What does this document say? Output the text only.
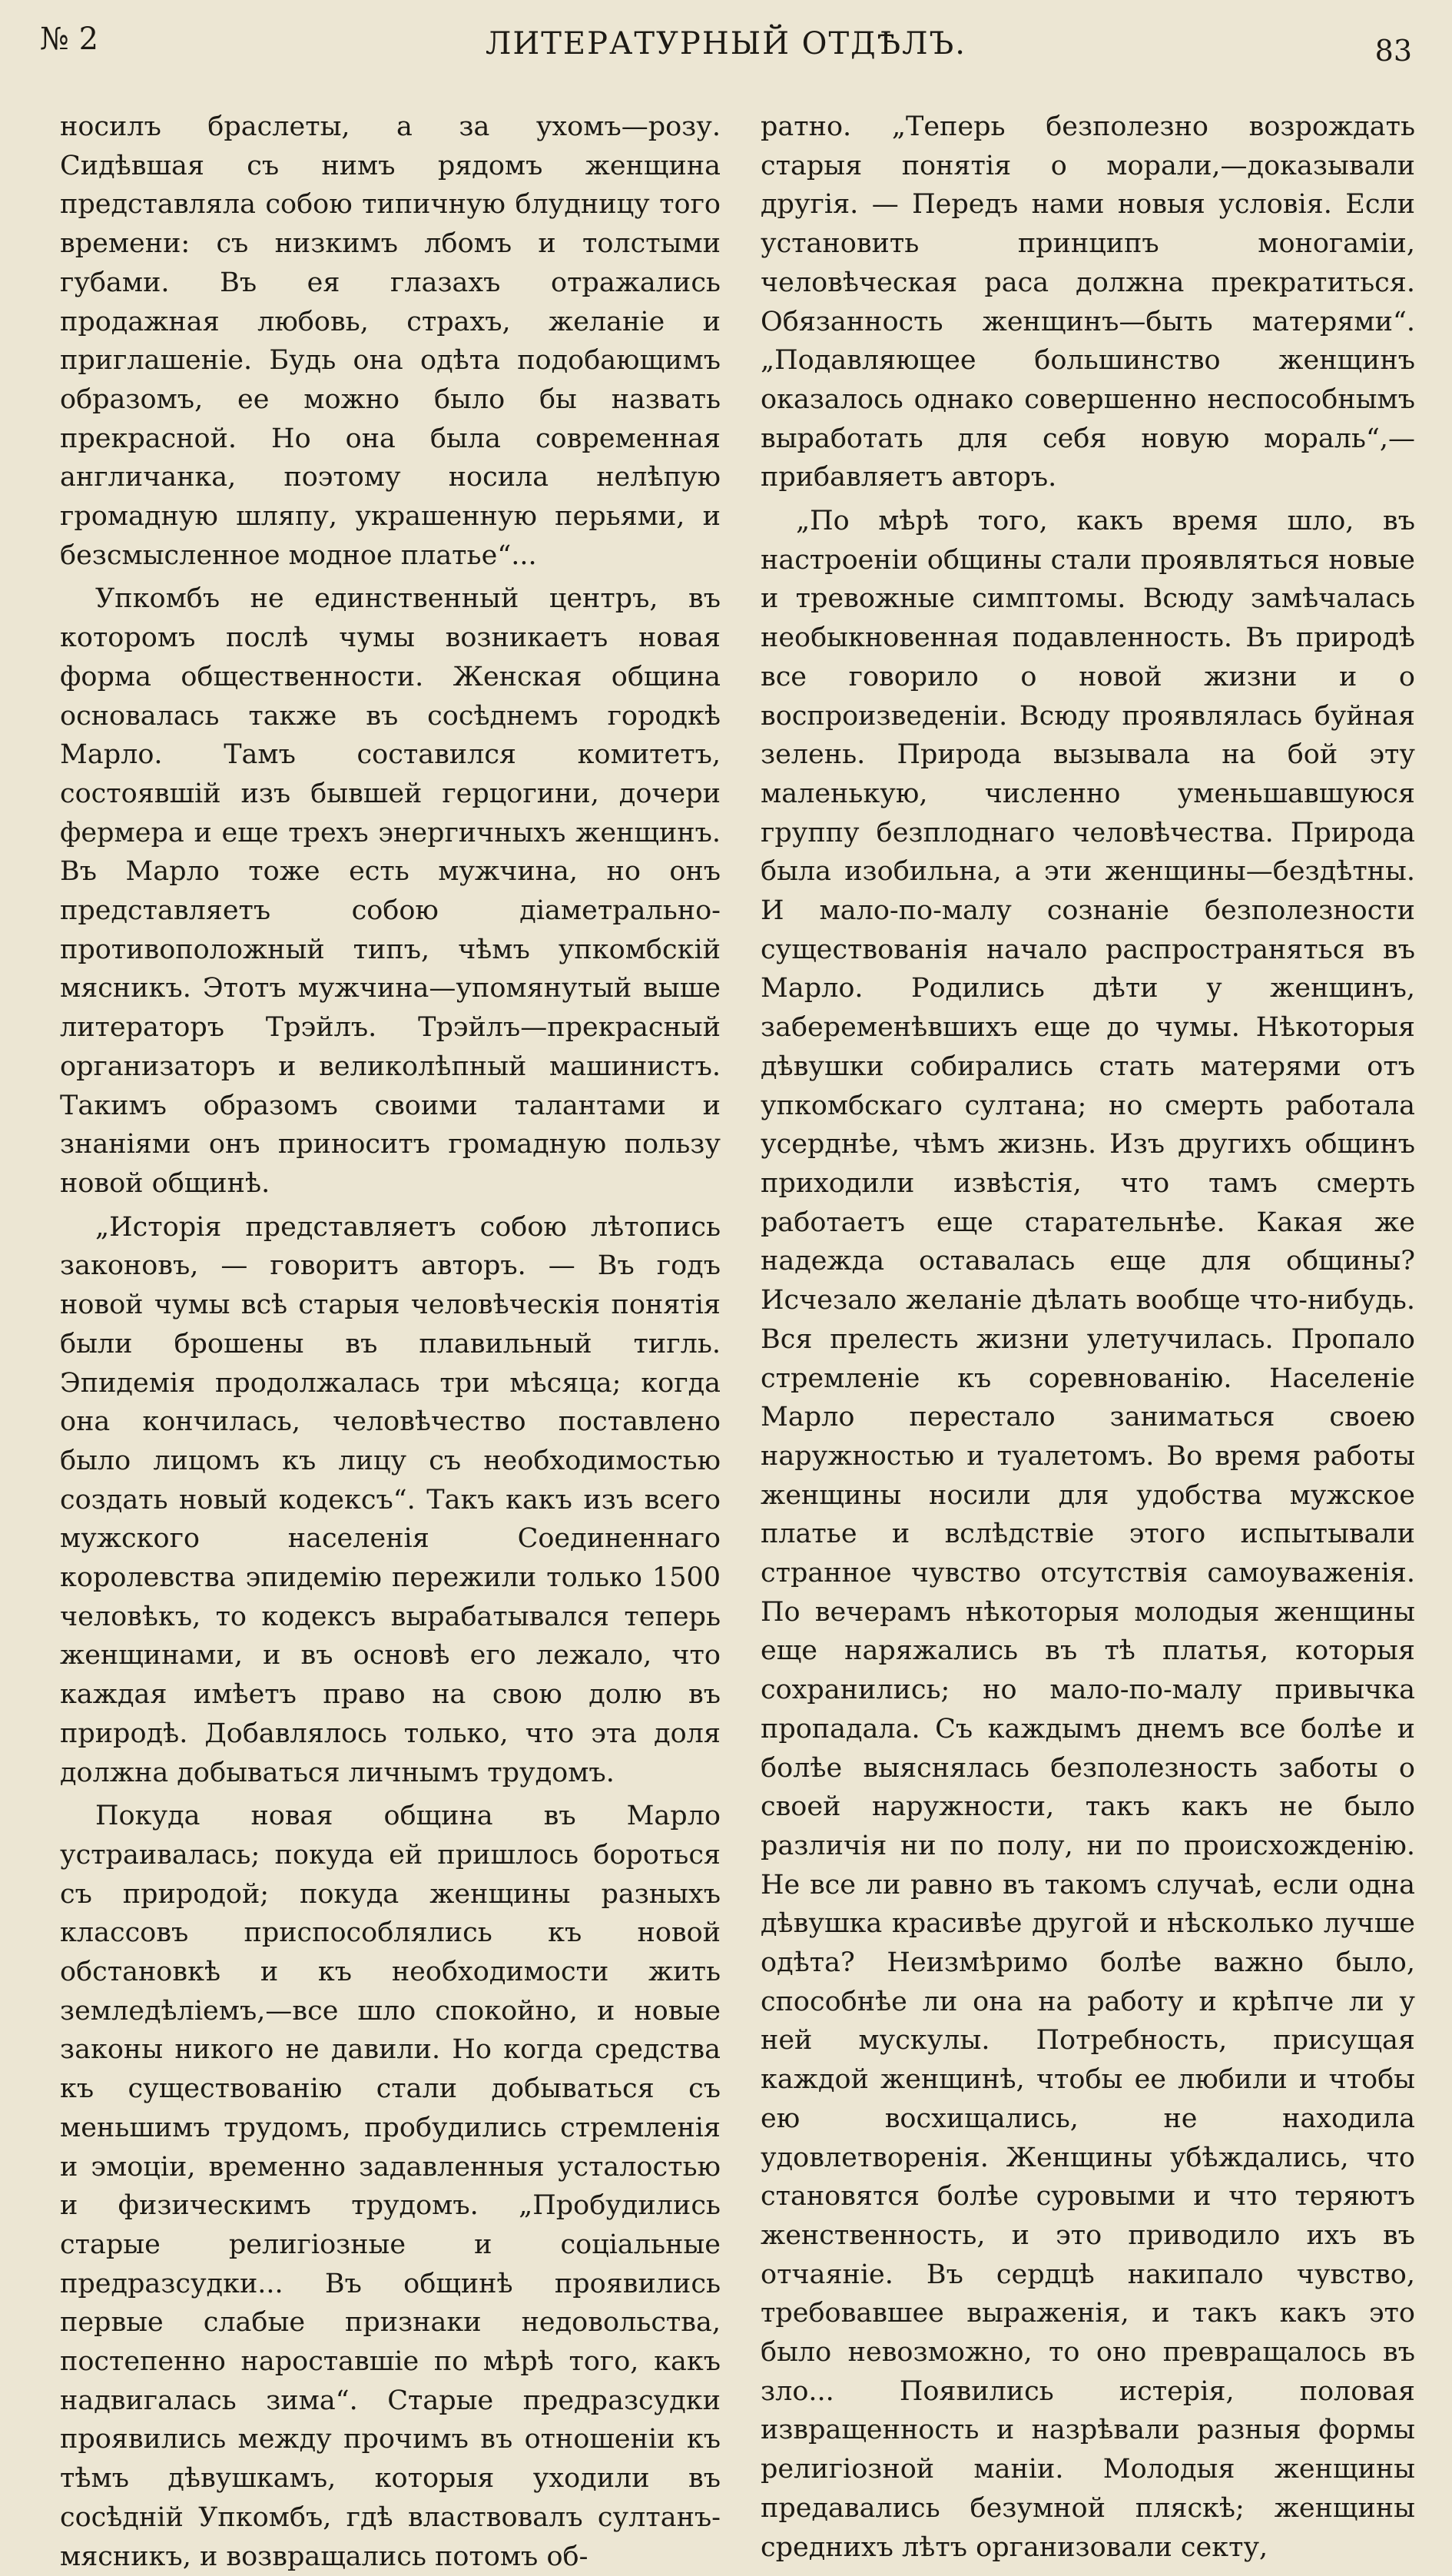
№ 2	ЛИТЕРАТУРНЫЙ ОТДѢЛЪ.	83

носилъ браслеты, а за ухомъ—розу. Сидѣвшая съ нимъ рядомъ женщина представляла собою типичную блудницу того времени: съ низкимъ лбомъ и толстыми губами. Въ ея глазахъ отражались продажная любовь, страхъ, желаніе и приглашеніе. Будь она одѣта подобающимъ образомъ, ее можно было бы назвать прекрасной. Но она была современная англичанка, поэтому носила нелѣпую громадную шляпу, украшенную перьями, и безсмысленное модное платье“...

Упкомбъ не единственный центръ, въ которомъ послѣ чумы возникаетъ новая форма общественности. Женская община основалась также въ сосѣднемъ городкѣ Марло. Тамъ составился комитетъ, состоявшій изъ бывшей герцогини, дочери фермера и еще трехъ энергичныхъ женщинъ. Въ Марло тоже есть мужчина, но онъ представляетъ собою діаметрально-противоположный типъ, чѣмъ упкомбскій мясникъ. Этотъ мужчина—упомянутый выше литераторъ Трэйлъ. Трэйлъ—прекрасный организаторъ и великолѣпный машинистъ. Такимъ образомъ своими талантами и знаніями онъ приноситъ громадную пользу новой общинѣ.

„Исторія представляетъ собою лѣтопись законовъ, — говоритъ авторъ. — Въ годъ новой чумы всѣ старыя человѣческія понятія были брошены въ плавильный тигль. Эпидемія продолжалась три мѣсяца; когда она кончилась, человѣчество поставлено было лицомъ къ лицу съ необходимостью создать новый кодексъ“. Такъ какъ изъ всего мужского населенія Соединеннаго королевства эпидемію пережили только 1500 человѣкъ, то кодексъ вырабатывался теперь женщинами, и въ основѣ его лежало, что каждая имѣетъ право на свою долю въ природѣ. Добавлялось только, что эта доля должна добываться личнымъ трудомъ.

Покуда новая община въ Марло устраивалась; покуда ей пришлось бороться съ природой; покуда женщины разныхъ классовъ приспособлялись къ новой обстановкѣ и къ необходимости жить земледѣліемъ,—все шло спокойно, и новые законы никого не давили. Но когда средства къ существованію стали добываться съ меньшимъ трудомъ, пробудились стремленія и эмоціи, временно задавленныя усталостью и физическимъ трудомъ. „Пробудились старые религіозные и соціальные предразсудки... Въ общинѣ проявились первые слабые признаки недовольства, постепенно нароставшіе по мѣрѣ того, какъ надвигалась зима“. Старые предразсудки проявились между прочимъ въ отношеніи къ тѣмъ дѣвушкамъ, которыя уходили въ сосѣдній Упкомбъ, гдѣ властвовалъ султанъ-мясникъ, и возвращались потомъ об-

ратно. „Теперь безполезно возрождать старыя понятія о морали,—доказывали другія. — Передъ нами новыя условія. Если установить принципъ моногаміи, человѣческая раса должна прекратиться. Обязанность женщинъ—быть матерями“. „Подавляющее большинство женщинъ оказалось однако совершенно неспособнымъ выработать для себя новую мораль“,—прибавляетъ авторъ.

„По мѣрѣ того, какъ время шло, въ настроеніи общины стали проявляться новые и тревожные симптомы. Всюду замѣчалась необыкновенная подавленность. Въ природѣ все говорило о новой жизни и о воспроизведеніи. Всюду проявлялась буйная зелень. Природа вызывала на бой эту маленькую, численно уменьшавшуюся группу безплоднаго человѣчества. Природа была изобильна, а эти женщины—бездѣтны. И мало-по-малу сознаніе безполезности существованія начало распространяться въ Марло. Родились дѣти у женщинъ, забеременѣвшихъ еще до чумы. Нѣкоторыя дѣвушки собирались стать матерями отъ упкомбскаго султана; но смерть работала усерднѣе, чѣмъ жизнь. Изъ другихъ общинъ приходили извѣстія, что тамъ смерть работаетъ еще старательнѣе. Какая же надежда оставалась еще для общины? Исчезало желаніе дѣлать вообще что-нибудь. Вся прелесть жизни улетучилась. Пропало стремленіе къ соревнованію. Населеніе Марло перестало заниматься своею наружностью и туалетомъ. Во время работы женщины носили для удобства мужское платье и вслѣдствіе этого испытывали странное чувство отсутствія самоуваженія. По вечерамъ нѣкоторыя молодыя женщины еще наряжались въ тѣ платья, которыя сохранились; но мало-по-малу привычка пропадала. Съ каждымъ днемъ все болѣе и болѣе выяснялась безполезность заботы о своей наружности, такъ какъ не было различія ни по полу, ни по происхожденію. Не все ли равно въ такомъ случаѣ, если одна дѣвушка красивѣе другой и нѣсколько лучше одѣта? Неизмѣримо болѣе важно было, способнѣе ли она на работу и крѣпче ли у ней мускулы. Потребность, присущая каждой женщинѣ, чтобы ее любили и чтобы ею восхищались, не находила удовлетворенія. Женщины убѣждались, что становятся болѣе суровыми и что теряютъ женственность, и это приводило ихъ въ отчаяніе. Въ сердцѣ накипало чувство, требовавшее выраженія, и такъ какъ это было невозможно, то оно превращалось въ зло... Появились истерія, половая извращенность и назрѣвали разныя формы религіозной маніи. Молодыя женщины предавались безумной пляскѣ; женщины среднихъ лѣтъ организовали секту,
